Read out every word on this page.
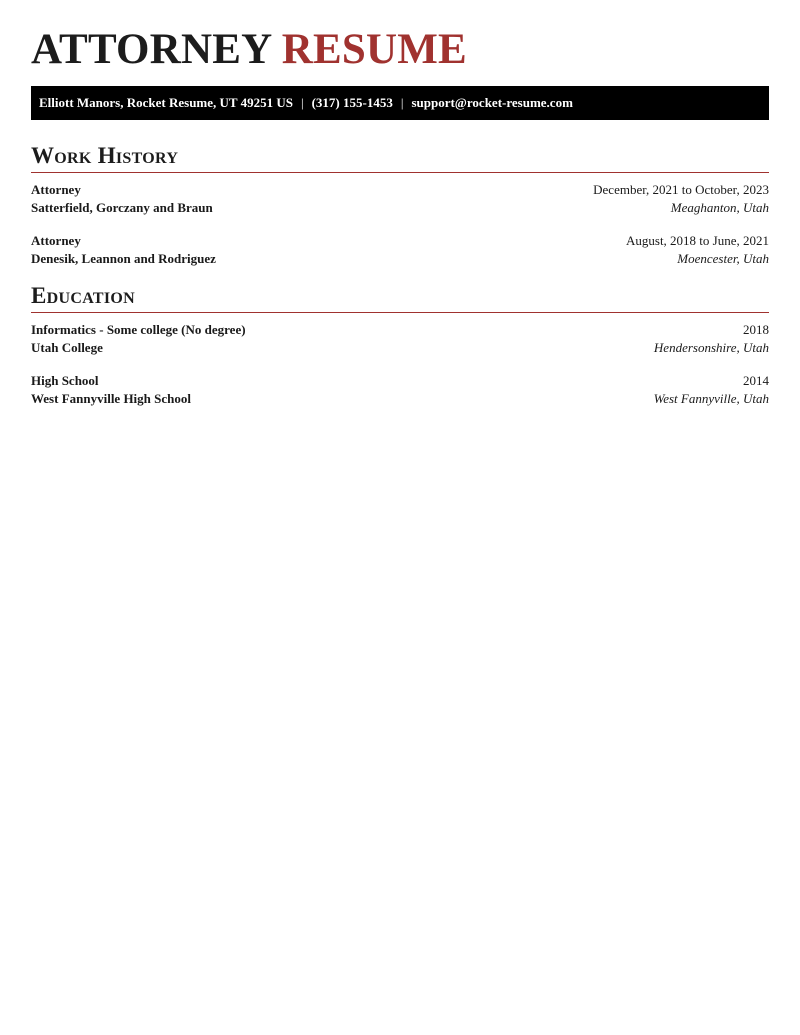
ATTORNEY RESUME
Elliott Manors, Rocket Resume, UT 49251 US | (317) 155-1453 | support@rocket-resume.com
Work History
Attorney	December, 2021 to October, 2023
Satterfield, Gorczany and Braun	Meaghanton, Utah
Attorney	August, 2018 to June, 2021
Denesik, Leannon and Rodriguez	Moencester, Utah
Education
Informatics - Some college (No degree)	2018
Utah College	Hendersonshire, Utah
High School	2014
West Fannyville High School	West Fannyville, Utah
